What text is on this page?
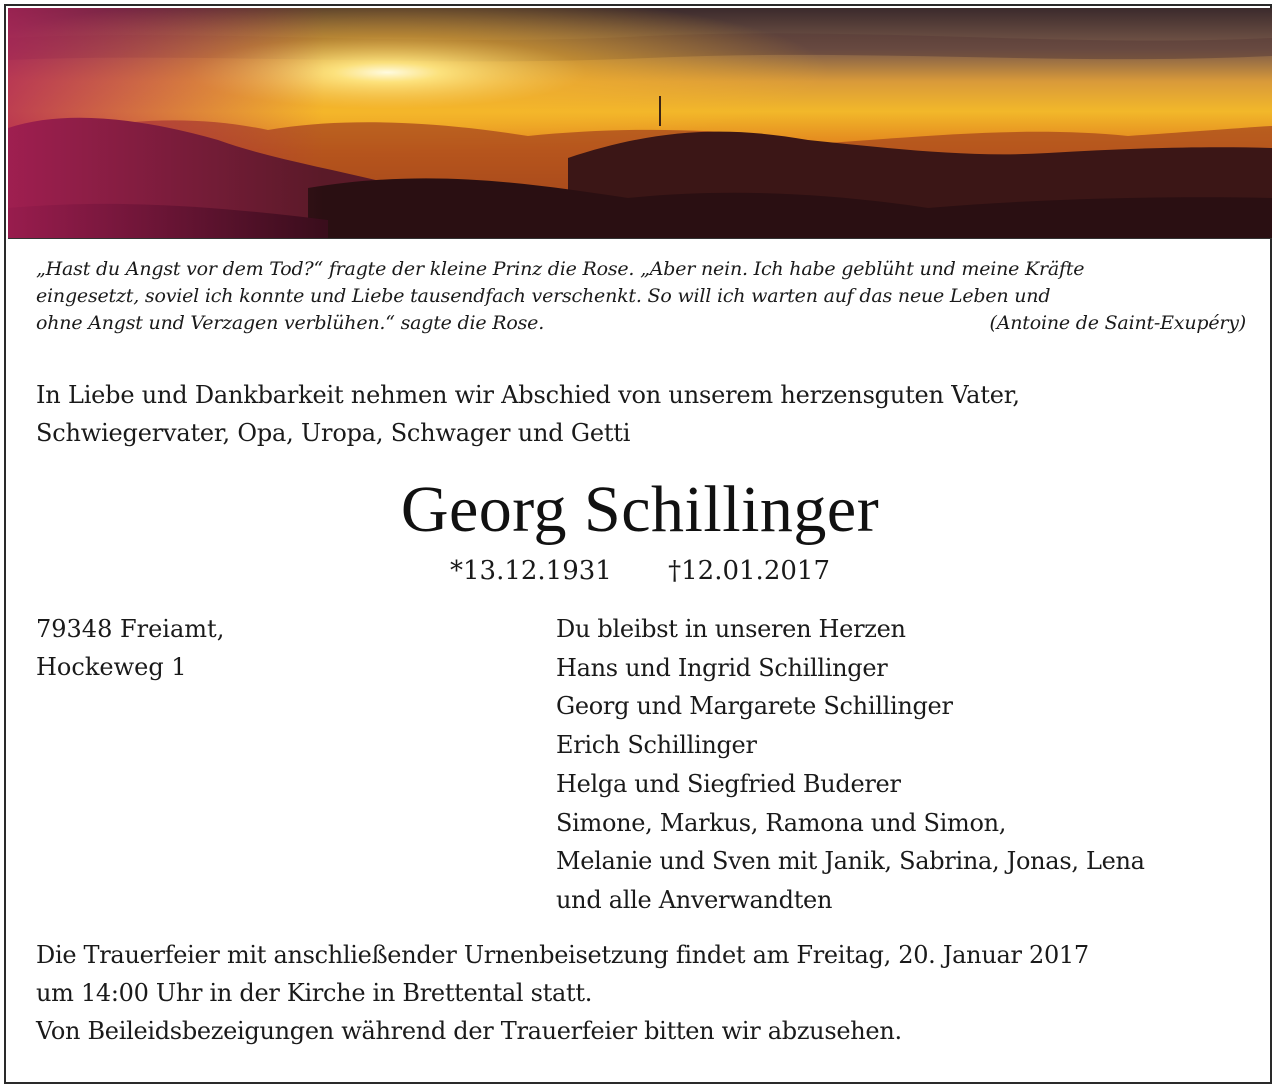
„Hast du Angst vor dem Tod?“ fragte der kleine Prinz die Rose. „Aber nein. Ich habe geblüht und meine Kräfte
eingesetzt, soviel ich konnte und Liebe tausendfach verschenkt. So will ich warten auf das neue Leben und
ohne Angst und Verzagen verblühen.“ sagte die Rose.	(Antoine de Saint-Exupéry)
In Liebe und Dankbarkeit nehmen wir Abschied von unserem herzensguten Vater,
Schwiegervater, Opa, Uropa, Schwager und Getti
Georg Schillinger
*13.12.1931 †12.01.2017
79348 Freiamt,
Hockeweg 1
Du bleibst in unseren Herzen
Hans und Ingrid Schillinger
Georg und Margarete Schillinger
Erich Schillinger
Helga und Siegfried Buderer
Simone, Markus, Ramona und Simon,
Melanie und Sven mit Janik, Sabrina, Jonas, Lena
und alle Anverwandten
Die Trauerfeier mit anschließender Urnenbeisetzung findet am Freitag, 20. Januar 2017
um 14:00 Uhr in der Kirche in Brettental statt.
Von Beileidsbezeigungen während der Trauerfeier bitten wir abzusehen.
